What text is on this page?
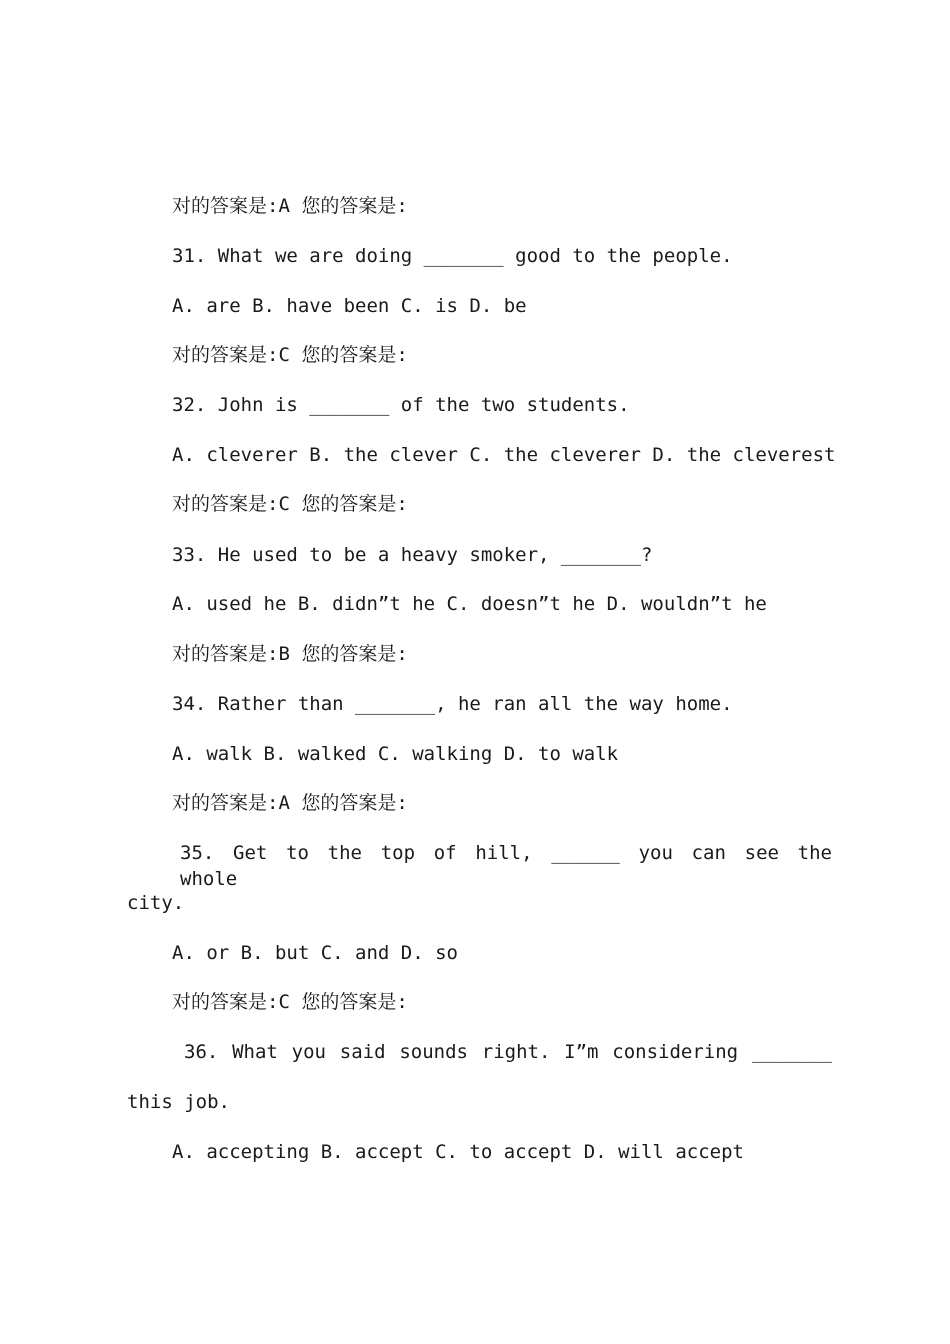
对的答案是:A 您的答案是:
31. What we are doing _______ good to the people.
A. are B. have been C. is D. be
对的答案是:C 您的答案是:
32. John is _______ of the two students.
A. cleverer B. the clever C. the cleverer D. the cleverest
对的答案是:C 您的答案是:
33. He used to be a heavy smoker, _______?
A. used he B. didn”t he C. doesn”t he D. wouldn”t he
对的答案是:B 您的答案是:
34. Rather than _______, he ran all the way home.
A. walk B. walked C. walking D. to walk
对的答案是:A 您的答案是:
35. Get to the top of hill, ______ you can see the whole
city.
A. or B. but C. and D. so
对的答案是:C 您的答案是:
36. What you said sounds right. I”m considering _______
this job.
A. accepting B. accept C. to accept D. will accept
